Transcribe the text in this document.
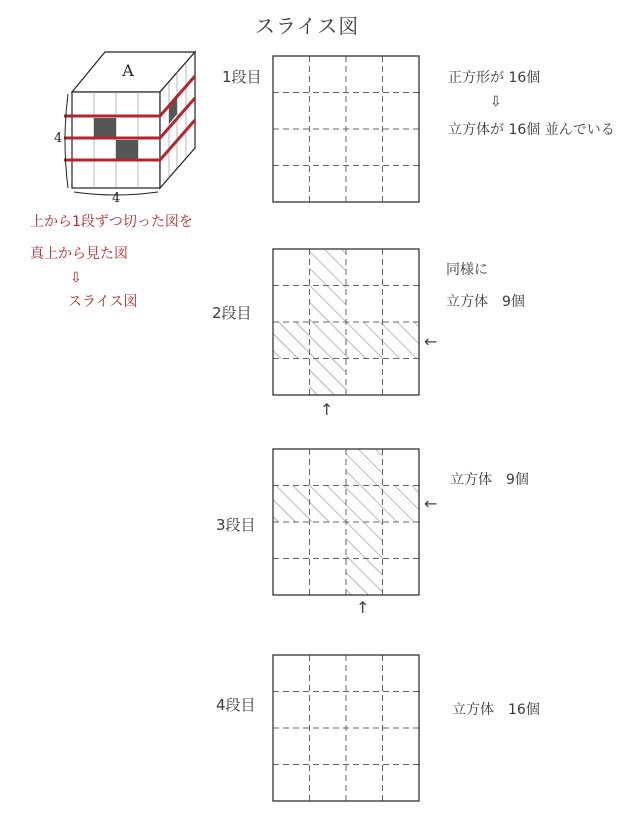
スライス図
A
4
4
上から1段ずつ切った図を
真上から見た図
⇩
スライス図
1段目	正方形が 16個
⇩
立方体が 16個 並んでいる
2段目
同様に
立方体　9個
←
↑
3段目
立方体　9個
←
↑
4段目	立方体　16個
